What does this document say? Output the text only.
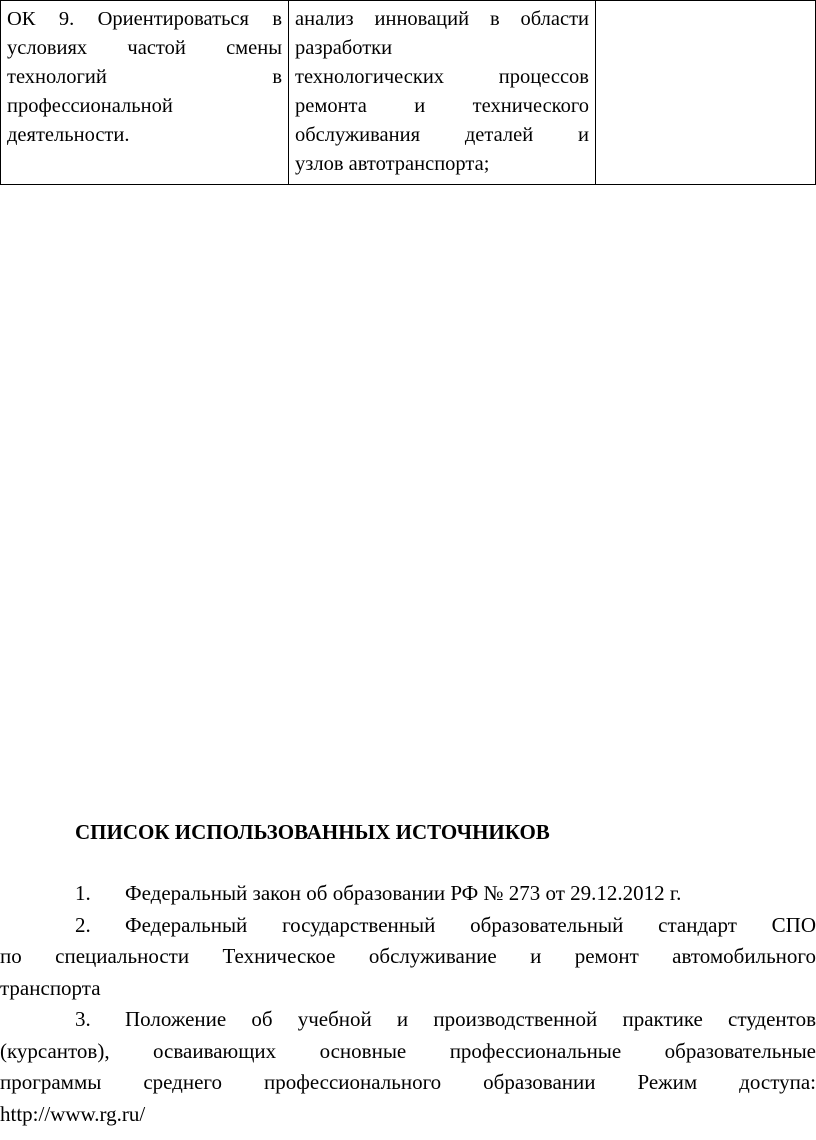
ОК 9. Ориентироваться в
условиях частой смены
технологий в
профессиональной
деятельности.

анализ инноваций в области
разработки
технологических процессов
ремонта и технического
обслуживания деталей и
узлов автотранспорта;

СПИСОК ИСПОЛЬЗОВАННЫХ ИСТОЧНИКОВ
1. Федеральный закон об образовании РФ № 273 от 29.12.2012 г.
2. Федеральный государственный образовательный стандарт СПО
по специальности Техническое обслуживание и ремонт автомобильного
транспорта
3. Положение об учебной и производственной практике студентов
(курсантов), осваивающих основные профессиональные образовательные
программы среднего профессионального образовании Режим доступа:
http://www.rg.ru/
